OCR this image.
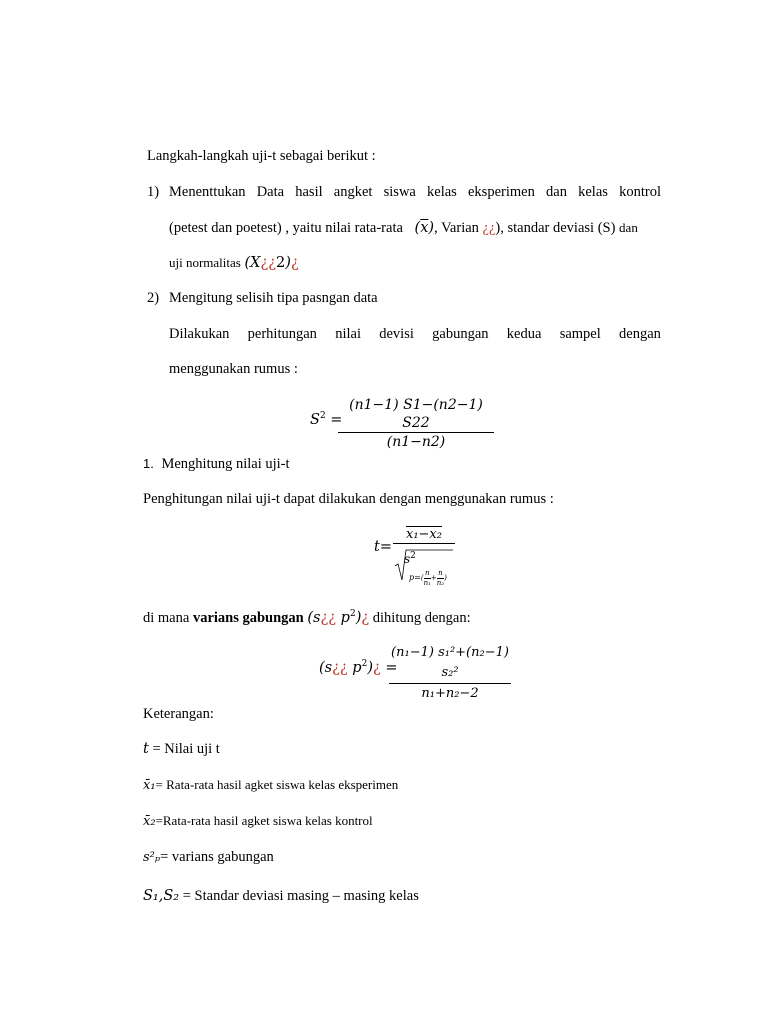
Langkah-langkah uji-t sebagai berikut :
1) Menenttukan Data hasil angket siswa kelas eksperimen dan kelas kontrol
(petest dan poetest) , yaitu nilai rata-rata $(\overline{x})$, Varian ¿¿), standar deviasi (S) dan
uji normalitas (X¿¿2)¿
2) Mengitung selisih tipa pasngan data
Dilakukan perhitungan nilai devisi gabungan kedua sampel dengan
menggunakan rumus :
$S^2$ =
$\frac{(n1-1) S1-(n2-1) S22}{(n1-n2)}$
1. Menghitung nilai uji-t
Penghitungan nilai uji-t dapat dilakukan dengan menggunakan rumus :
t=
x₁−x₂
$s^2$
$p=(\frac{n}{\text{n₁}}+\frac{n}{\text{n₂}})$
di mana varians gabungan (s¿¿ $p^2)¿$ dihitung dengan:
(s¿¿ $p^2)¿$ =
$\frac{\text{(n₁−1) s₁²+(n₂−1) s₂²}}{\text{n₁+n₂−2}}$
Keterangan:
t = Nilai uji t
x̄₁= Rata-rata hasil agket siswa kelas eksperimen
x̄₂=Rata-rata hasil agket siswa kelas kontrol
s²ₚ= varians gabungan
S₁,S₂ = Standar deviasi masing – masing kelas
